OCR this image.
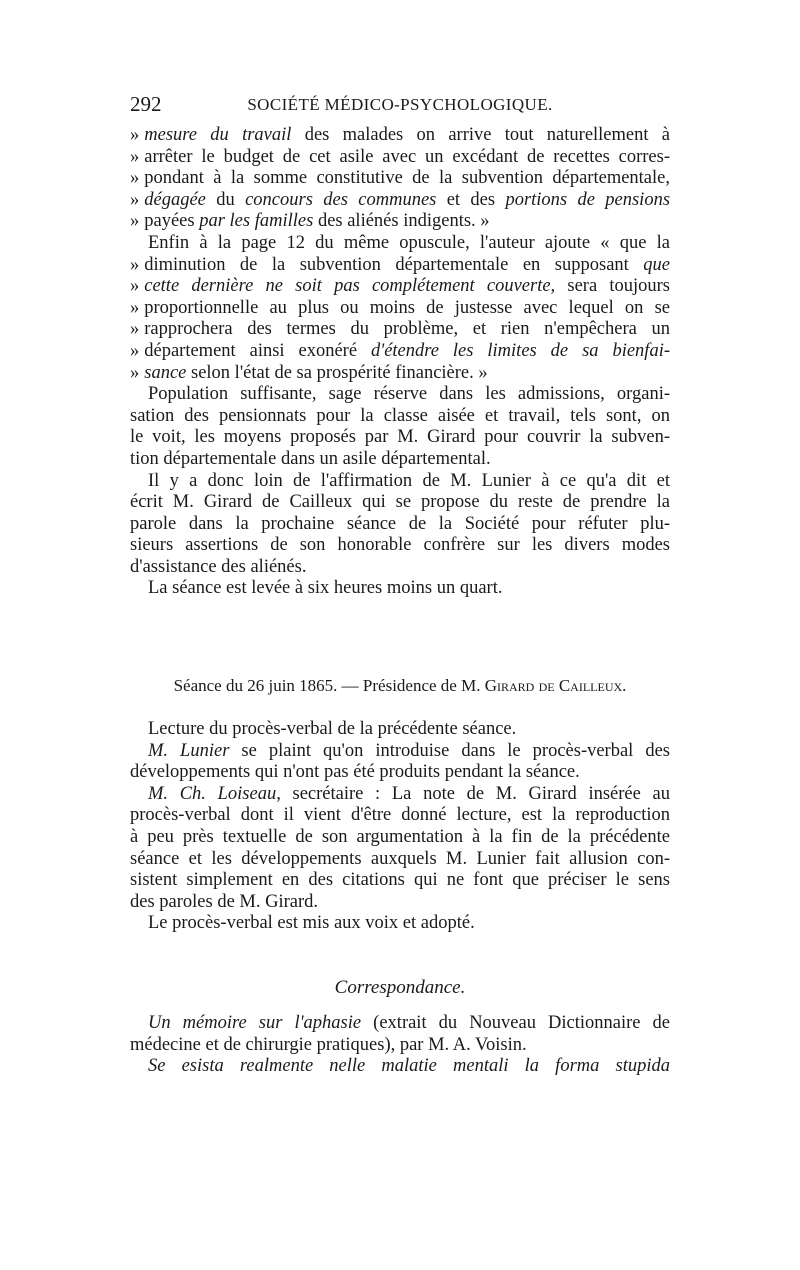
292	SOCIÉTÉ MÉDICO-PSYCHOLOGIQUE.
» mesure du travail des malades on arrive tout naturellement à
» arrêter le budget de cet asile avec un excédant de recettes corres-
» pondant à la somme constitutive de la subvention départementale,
» dégagée du concours des communes et des portions de pensions
» payées par les familles des aliénés indigents. »
Enfin à la page 12 du même opuscule, l'auteur ajoute « que la
» diminution de la subvention départementale en supposant que
» cette dernière ne soit pas complétement couverte, sera toujours
» proportionnelle au plus ou moins de justesse avec lequel on se
» rapprochera des termes du problème, et rien n'empêchera un
» département ainsi exonéré d'étendre les limites de sa bienfai-
» sance selon l'état de sa prospérité financière. »
Population suffisante, sage réserve dans les admissions, organi-
sation des pensionnats pour la classe aisée et travail, tels sont, on
le voit, les moyens proposés par M. Girard pour couvrir la subven-
tion départementale dans un asile départemental.
Il y a donc loin de l'affirmation de M. Lunier à ce qu'a dit et
écrit M. Girard de Cailleux qui se propose du reste de prendre la
parole dans la prochaine séance de la Société pour réfuter plu-
sieurs assertions de son honorable confrère sur les divers modes
d'assistance des aliénés.
La séance est levée à six heures moins un quart.
Séance du 26 juin 1865. — Présidence de M. Girard de Cailleux.
Lecture du procès-verbal de la précédente séance.
M. Lunier se plaint qu'on introduise dans le procès-verbal des
développements qui n'ont pas été produits pendant la séance.
M. Ch. Loiseau, secrétaire : La note de M. Girard insérée au
procès-verbal dont il vient d'être donné lecture, est la reproduction
à peu près textuelle de son argumentation à la fin de la précédente
séance et les développements auxquels M. Lunier fait allusion con-
sistent simplement en des citations qui ne font que préciser le sens
des paroles de M. Girard.
Le procès-verbal est mis aux voix et adopté.
Correspondance.
Un mémoire sur l'aphasie (extrait du Nouveau Dictionnaire de
médecine et de chirurgie pratiques), par M. A. Voisin.
Se esista realmente nelle malatie mentali la forma stupida
